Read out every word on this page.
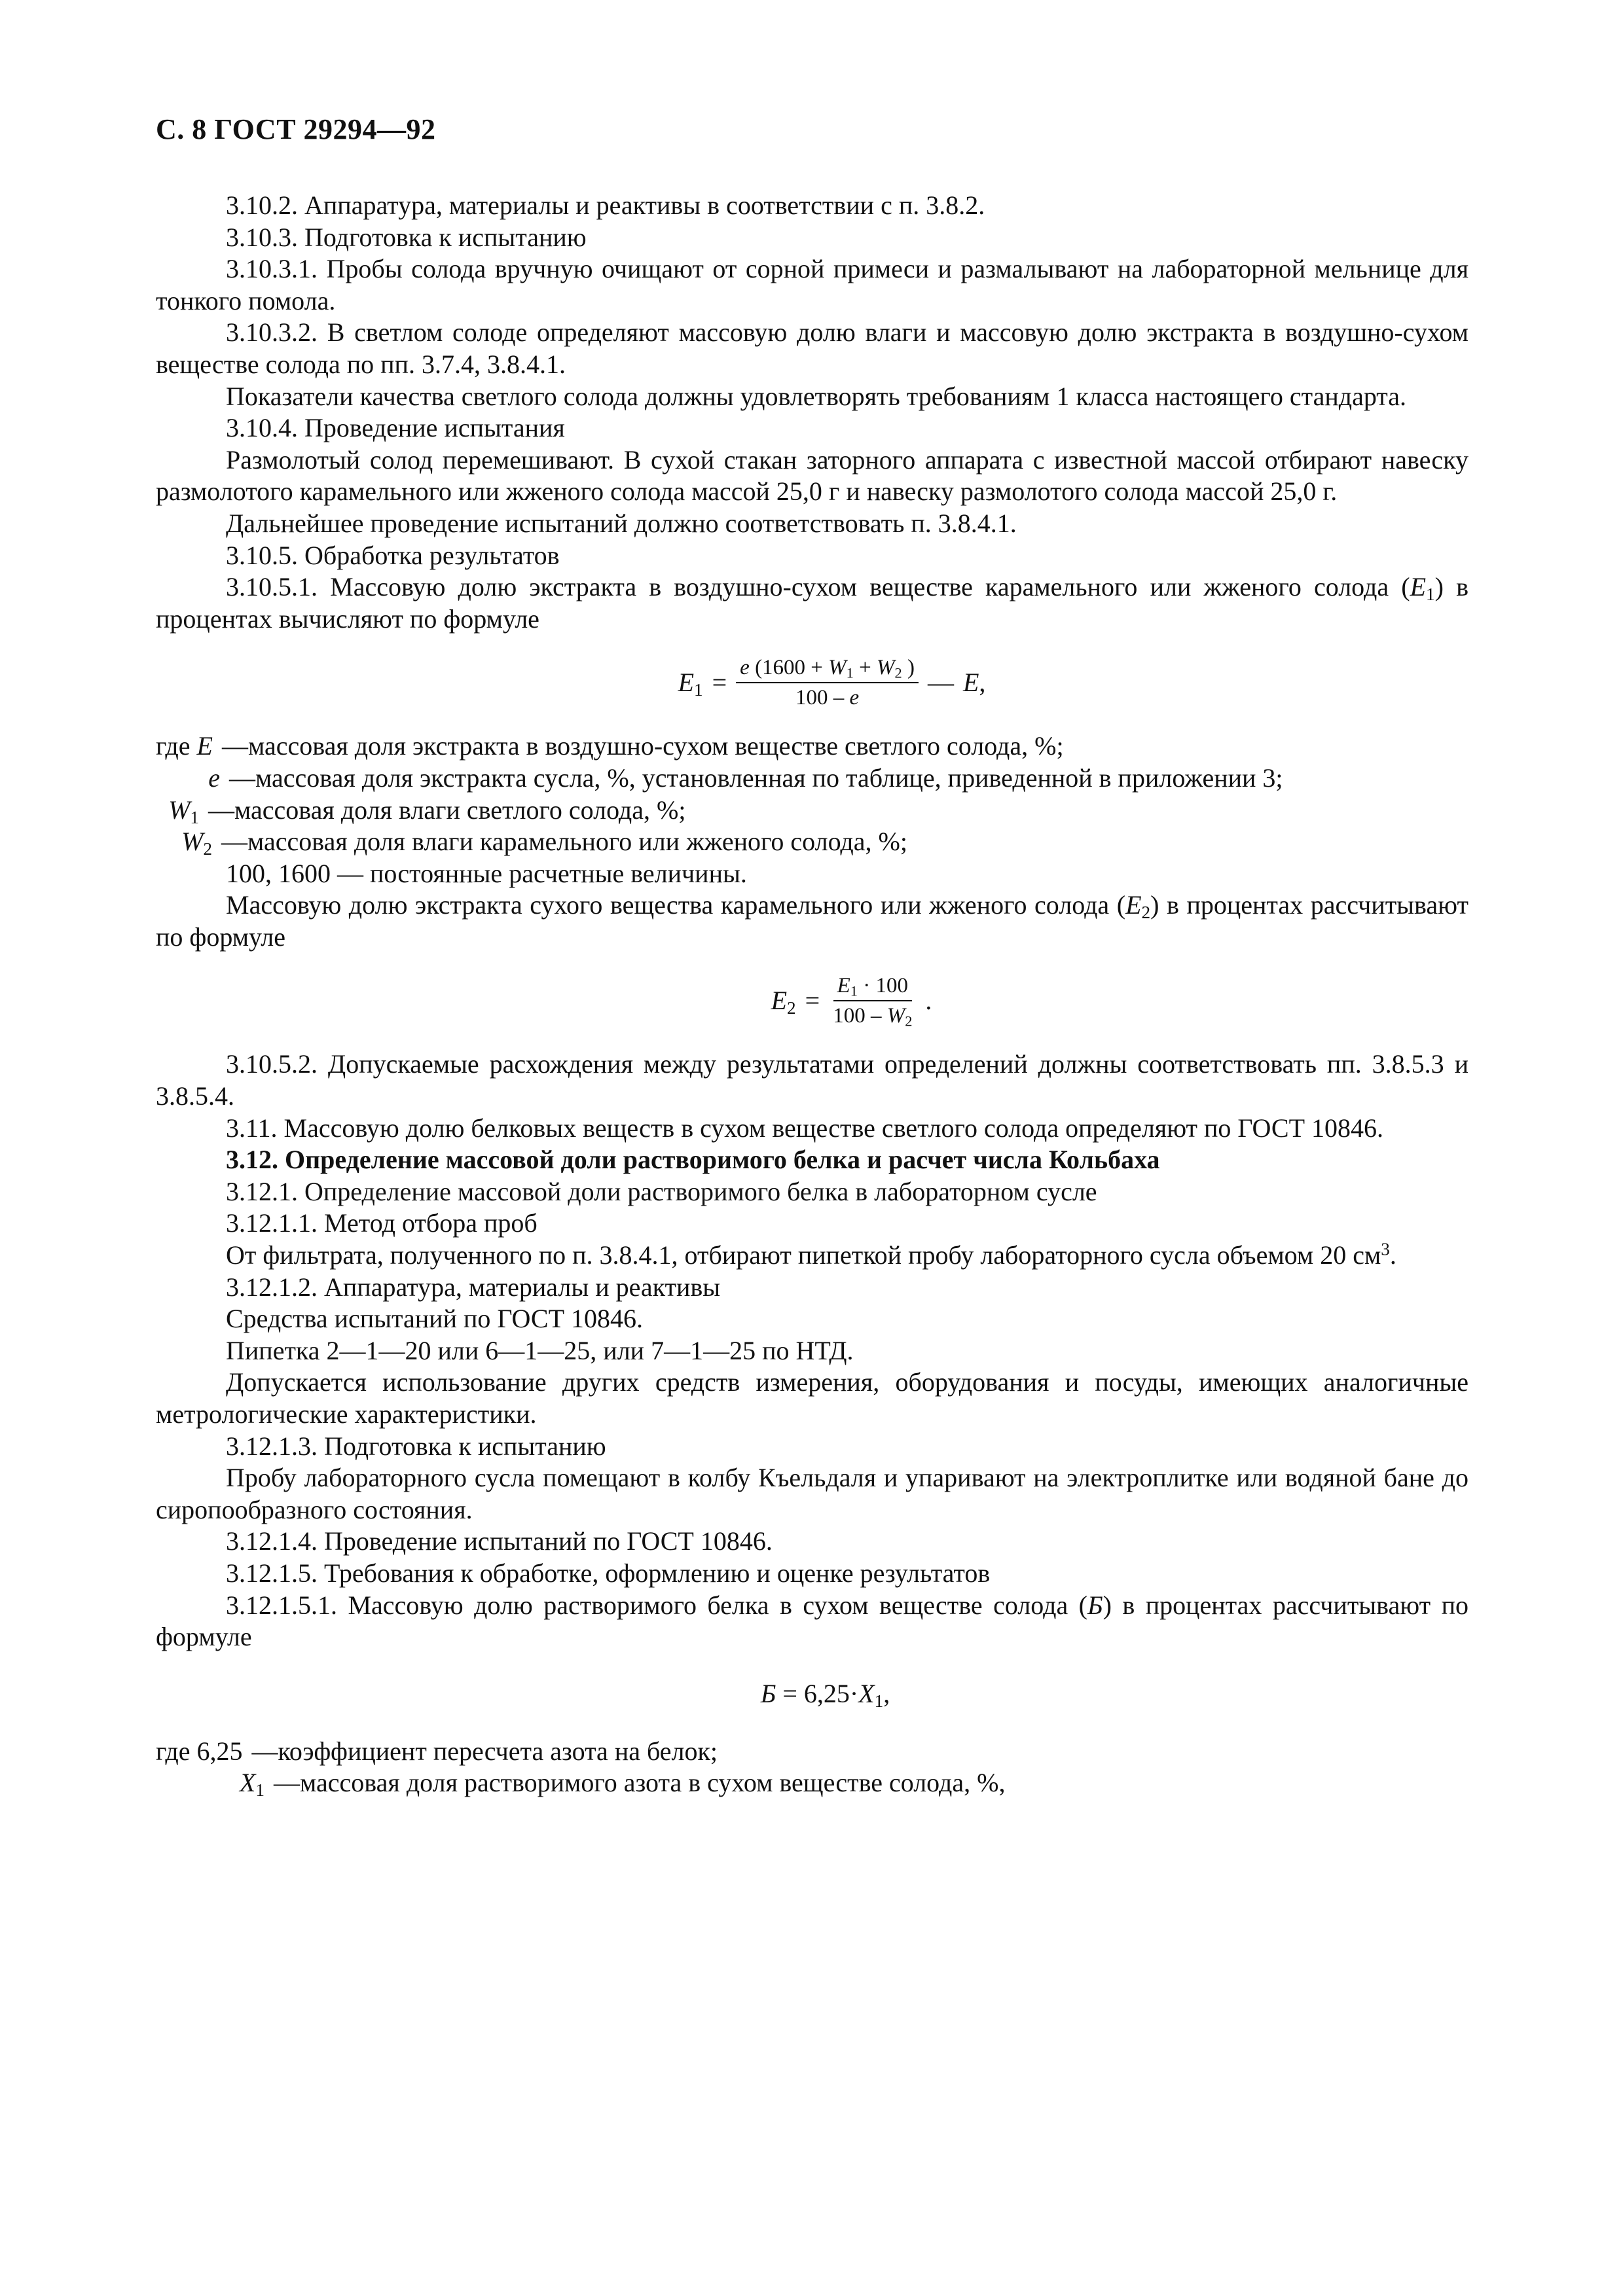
С. 8 ГОСТ 29294—92

3.10.2. Аппаратура, материалы и реактивы в соответствии с п. 3.8.2.

3.10.3. Подготовка к испытанию

3.10.3.1. Пробы солода вручную очищают от сорной примеси и размалывают на лабораторной мельнице для тонкого помола.

3.10.3.2. В светлом солоде определяют массовую долю влаги и массовую долю экстракта в воздушно-сухом веществе солода по пп. 3.7.4, 3.8.4.1.

Показатели качества светлого солода должны удовлетворять требованиям 1 класса настоящего стандарта.

3.10.4. Проведение испытания

Размолотый солод перемешивают. В сухой стакан заторного аппарата с известной массой отбирают навеску размолотого карамельного или жженого солода массой 25,0 г и навеску размолотого солода массой 25,0 г.

Дальнейшее проведение испытаний должно соответствовать п. 3.8.4.1.

3.10.5. Обработка результатов

3.10.5.1. Массовую долю экстракта в воздушно-сухом веществе карамельного или жженого солода $(E_1)$ в процентах вычисляют по формуле

$E_1 = \frac{e (1600 + W_1 + W_2 )}{100 - e}$ — E,
где
E — массовая доля экстракта в воздушно-сухом веществе светлого солода, %;
e — массовая доля экстракта сусла, %, установленная по таблице, приведенной в приложении 3;
$W_1$ — массовая доля влаги светлого солода, %;
$W_2$ — массовая доля влаги карамельного или жженого солода, %;

100, 1600 — постоянные расчетные величины.

Массовую долю экстракта сухого вещества карамельного или жженого солода $(E_2)$ в процентах рассчитывают по формуле

$E_2 = \frac{E_1 \cdot 100}{100 - W_2}$ .

3.10.5.2. Допускаемые расхождения между результатами определений должны соответствовать пп. 3.8.5.3 и 3.8.5.4.

3.11. Массовую долю белковых веществ в сухом веществе светлого солода определяют по ГОСТ 10846.

3.12. Определение массовой доли растворимого белка и расчет числа Кольбаха

3.12.1. Определение массовой доли растворимого белка в лабораторном сусле

3.12.1.1. Метод отбора проб

От фильтрата, полученного по п. 3.8.4.1, отбирают пипеткой пробу лабораторного сусла объемом 20 $см^3$.

3.12.1.2. Аппаратура, материалы и реактивы

Средства испытаний по ГОСТ 10846.

Пипетка 2—1—20 или 6—1—25, или 7—1—25 по НТД.

Допускается использование других средств измерения, оборудования и посуды, имеющих аналогичные метрологические характеристики.

3.12.1.3. Подготовка к испытанию

Пробу лабораторного сусла помещают в колбу Къельдаля и упаривают на электроплитке или водяной бане до сиропообразного состояния.

3.12.1.4. Проведение испытаний по ГОСТ 10846.

3.12.1.5. Требования к обработке, оформлению и оценке результатов

3.12.1.5.1. Массовую долю растворимого белка в сухом веществе солода (Б) в процентах рассчитывают по формуле

$Б = 6,25\cdot X_1$,
где
6,25 — коэффициент пересчета азота на белок;
$X_1$ — массовая доля растворимого азота в сухом веществе солода, %,
